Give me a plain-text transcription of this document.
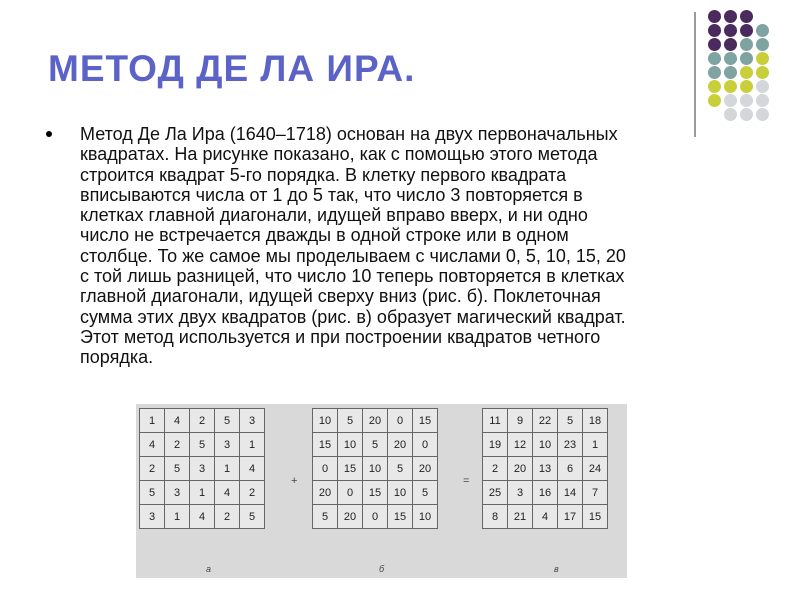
МЕТОД ДЕ ЛА ИРА.
Метод Де Ла Ира (1640–1718) основан на двух первоначальных
квадратах. На рисунке показано, как с помощью этого метода
строится квадрат 5-го порядка. В клетку первого квадрата
вписываются числа от 1 до 5 так, что число 3 повторяется в
клетках главной диагонали, идущей вправо вверх, и ни одно
число не встречается дважды в одной строке или в одном
столбце. То же самое мы проделываем с числами 0, 5, 10, 15, 20
с той лишь разницей, что число 10 теперь повторяется в клетках
главной диагонали, идущей сверху вниз (рис. б). Поклеточная
сумма этих двух квадратов (рис. в) образует магический квадрат.
Этот метод используется и при построении квадратов четного
порядка.
1	4	2	5	3
4	2	5	3	1
2	5	3	1	4
5	3	1	4	2
3	1	4	2	5
+
10	5	20	0	15
15	10	5	20	0
0	15	10	5	20
20	0	15	10	5
5	20	0	15	10
=
11	9	22	5	18
19	12	10	23	1
2	20	13	6	24
25	3	16	14	7
8	21	4	17	15
а	б	в
